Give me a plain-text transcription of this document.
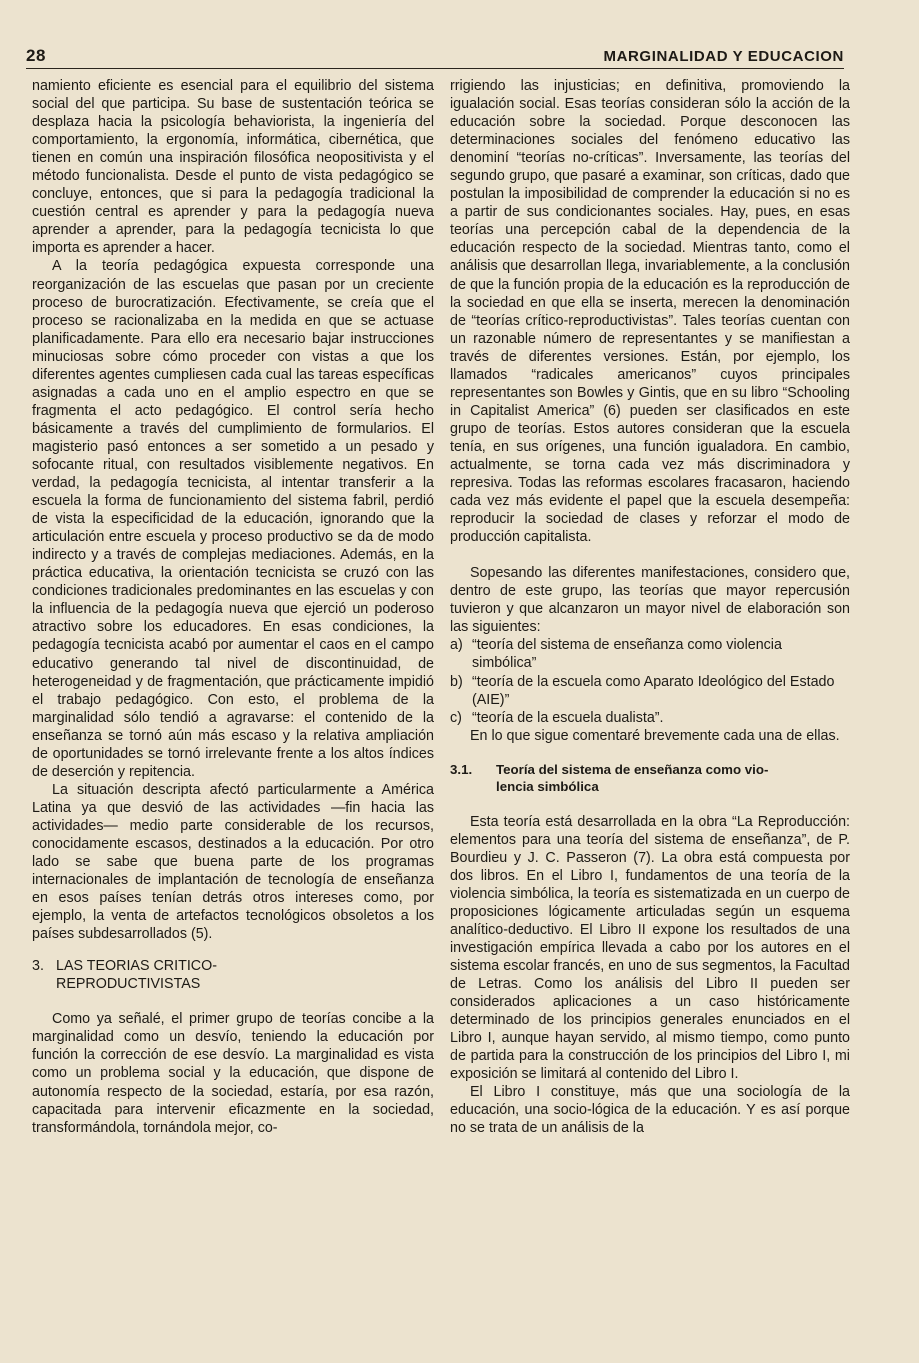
28	MARGINALIDAD Y EDUCACION

namiento eficiente es esencial para el equilibrio del sistema social del que participa. Su base de sustentación teórica se desplaza hacia la psicología behaviorista, la ingeniería del comportamiento, la ergonomía, informática, cibernética, que tienen en común una inspiración filosófica neopositivista y el método funcionalista. Desde el punto de vista pedagógico se concluye, entonces, que si para la pedagogía tradicional la cuestión central es aprender y para la pedagogía nueva aprender a aprender, para la pedagogía tecnicista lo que importa es aprender a hacer.

A la teoría pedagógica expuesta corresponde una reorganización de las escuelas que pasan por un creciente proceso de burocratización. Efectivamente, se creía que el proceso se racionalizaba en la medida en que se actuase planificadamente. Para ello era necesario bajar instrucciones minuciosas sobre cómo proceder con vistas a que los diferentes agentes cumpliesen cada cual las tareas específicas asignadas a cada uno en el amplio espectro en que se fragmenta el acto pedagógico. El control sería hecho básicamente a través del cumplimiento de formularios. El magisterio pasó entonces a ser sometido a un pesado y sofocante ritual, con resultados visiblemente negativos. En verdad, la pedagogía tecnicista, al intentar transferir a la escuela la forma de funcionamiento del sistema fabril, perdió de vista la especificidad de la educación, ignorando que la articulación entre escuela y proceso productivo se da de modo indirecto y a través de complejas mediaciones. Además, en la práctica educativa, la orientación tecnicista se cruzó con las condiciones tradicionales predominantes en las escuelas y con la influencia de la pedagogía nueva que ejerció un poderoso atractivo sobre los educadores. En esas condiciones, la pedagogía tecnicista acabó por aumentar el caos en el campo educativo generando tal nivel de discontinuidad, de heterogeneidad y de fragmentación, que prácticamente impidió el trabajo pedagógico. Con esto, el problema de la marginalidad sólo tendió a agravarse: el contenido de la enseñanza se tornó aún más escaso y la relativa ampliación de oportunidades se tornó irrelevante frente a los altos índices de deserción y repitencia.

La situación descripta afectó particularmente a América Latina ya que desvió de las actividades —fin hacia las actividades— medio parte considerable de los recursos, conocidamente escasos, destinados a la educación. Por otro lado se sabe que buena parte de los programas internacionales de implantación de tecnología de enseñanza en esos países tenían detrás otros intereses como, por ejemplo, la venta de artefactos tecnológicos obsoletos a los países subdesarrollados (5).

3. LAS TEORIAS CRITICO-
REPRODUCTIVISTAS

Como ya señalé, el primer grupo de teorías concibe a la marginalidad como un desvío, teniendo la educación por función la corrección de ese desvío. La marginalidad es vista como un problema social y la educación, que dispone de autonomía respecto de la sociedad, estaría, por esa razón, capacitada para intervenir eficazmente en la sociedad, transformándola, tornándola mejor, co-

rrigiendo las injusticias; en definitiva, promoviendo la igualación social. Esas teorías consideran sólo la acción de la educación sobre la sociedad. Porque desconocen las determinaciones sociales del fenómeno educativo las denominí “teorías no-críticas”. Inversamente, las teorías del segundo grupo, que pasaré a examinar, son críticas, dado que postulan la imposibilidad de comprender la educación si no es a partir de sus condicionantes sociales. Hay, pues, en esas teorías una percepción cabal de la dependencia de la educación respecto de la sociedad. Mientras tanto, como el análisis que desarrollan llega, invariablemente, a la conclusión de que la función propia de la educación es la reproducción de la sociedad en que ella se inserta, merecen la denominación de “teorías crítico-reproductivistas”. Tales teorías cuentan con un razonable número de representantes y se manifiestan a través de diferentes versiones. Están, por ejemplo, los llamados “radicales americanos” cuyos principales representantes son Bowles y Gintis, que en su libro “Schooling in Capitalist America” (6) pueden ser clasificados en este grupo de teorías. Estos autores consideran que la escuela tenía, en sus orígenes, una función igualadora. En cambio, actualmente, se torna cada vez más discriminadora y represiva. Todas las reformas escolares fracasaron, haciendo cada vez más evidente el papel que la escuela desempeña: reproducir la sociedad de clases y reforzar el modo de producción capitalista.

Sopesando las diferentes manifestaciones, considero que, dentro de este grupo, las teorías que mayor repercusión tuvieron y que alcanzaron un mayor nivel de elaboración son las siguientes:

a) “teoría del sistema de enseñanza como violencia simbólica”
b) “teoría de la escuela como Aparato Ideológico del Estado (AIE)”
c) “teoría de la escuela dualista”.

En lo que sigue comentaré brevemente cada una de ellas.

3.1. Teoría del sistema de enseñanza como vio-
lencia simbólica

Esta teoría está desarrollada en la obra “La Reproducción: elementos para una teoría del sistema de enseñanza”, de P. Bourdieu y J. C. Passeron (7). La obra está compuesta por dos libros. En el Libro I, fundamentos de una teoría de la violencia simbólica, la teoría es sistematizada en un cuerpo de proposiciones lógicamente articuladas según un esquema analítico-deductivo. El Libro II expone los resultados de una investigación empírica llevada a cabo por los autores en el sistema escolar francés, en uno de sus segmentos, la Facultad de Letras. Como los análisis del Libro II pueden ser considerados aplicaciones a un caso históricamente determinado de los principios generales enunciados en el Libro I, aunque hayan servido, al mismo tiempo, como punto de partida para la construcción de los principios del Libro I, mi exposición se limitará al contenido del Libro I.

El Libro I constituye, más que una sociología de la educación, una socio-lógica de la educación. Y es así porque no se trata de un análisis de la
